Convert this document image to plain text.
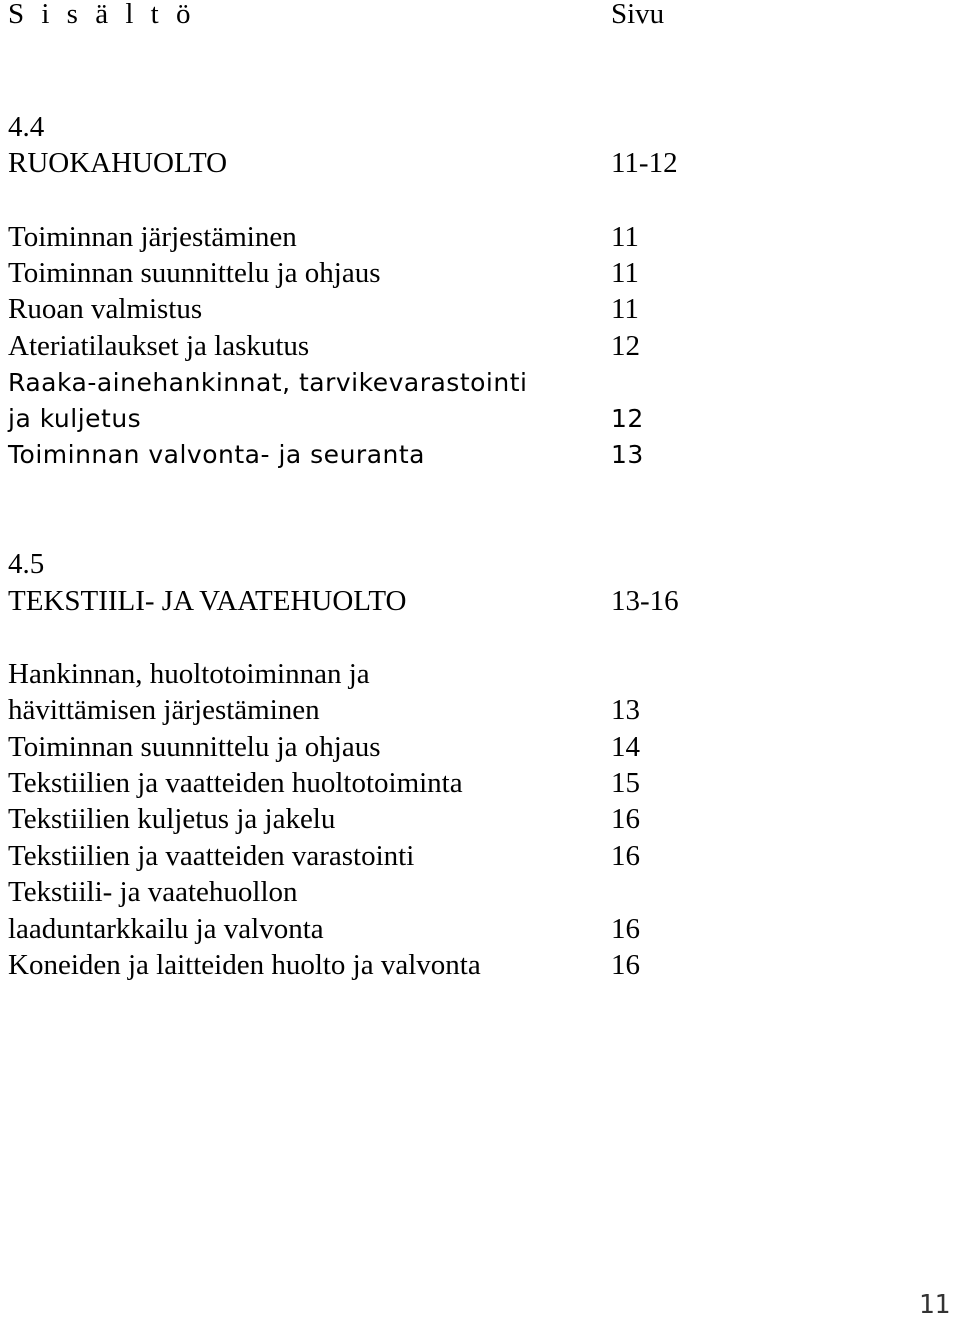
S i s ä l t ö	Sivu
4.4
RUOKAHUOLTO	11-12
Toiminnan järjestäminen	11
Toiminnan suunnittelu ja ohjaus	11
Ruoan valmistus	11
Ateriatilaukset ja laskutus	12
Raaka-ainehankinnat, tarvikevarastointi
ja kuljetus	12
Toiminnan valvonta- ja seuranta	13
4.5
TEKSTIILI- JA VAATEHUOLTO	13-16
Hankinnan, huoltotoiminnan ja
hävittämisen järjestäminen	13
Toiminnan suunnittelu ja ohjaus	14
Tekstiilien ja vaatteiden huoltotoiminta	15
Tekstiilien kuljetus ja jakelu	16
Tekstiilien ja vaatteiden varastointi	16
Tekstiili- ja vaatehuollon
laaduntarkkailu ja valvonta	16
Koneiden ja laitteiden huolto ja valvonta	16
11
